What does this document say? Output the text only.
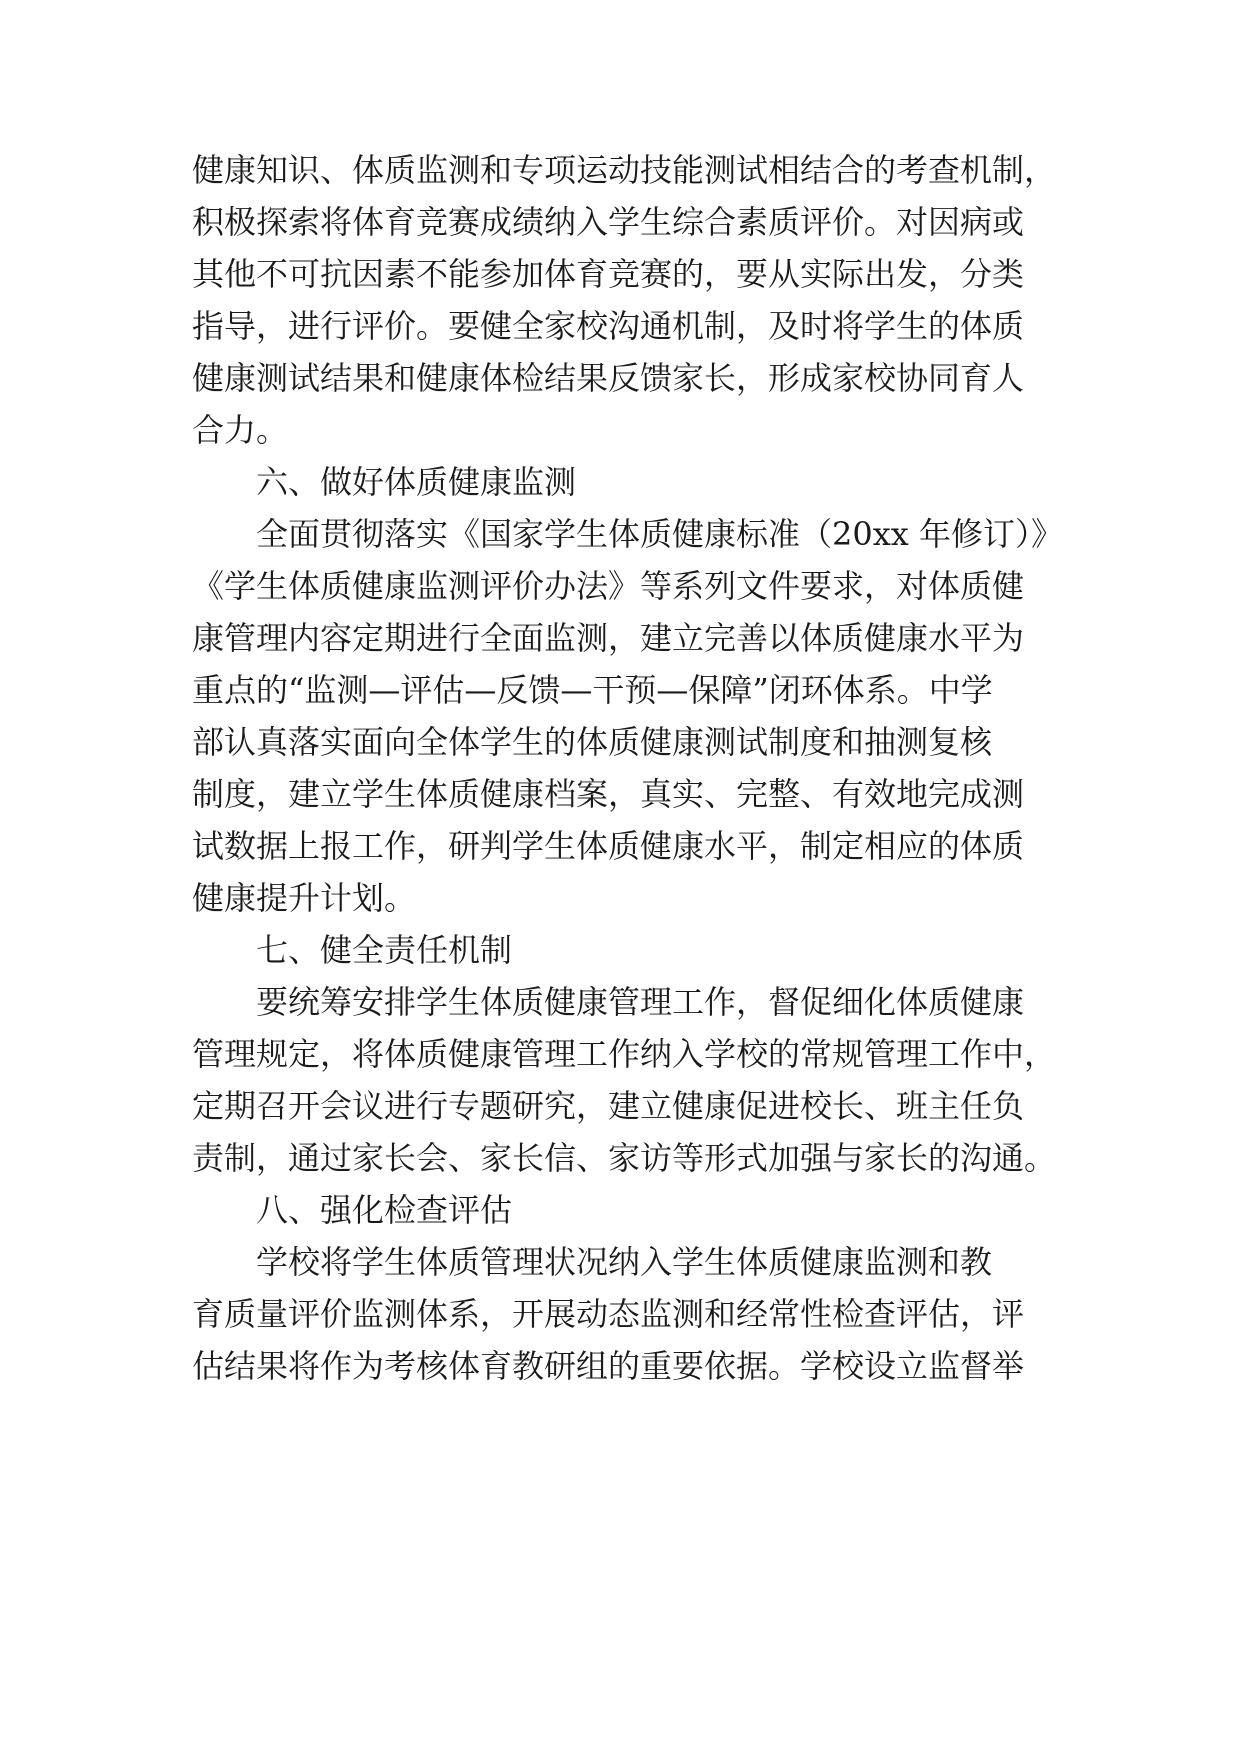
健康知识、体质监测和专项运动技能测试相结合的考查机制，
积极探索将体育竞赛成绩纳入学生综合素质评价。对因病或
其他不可抗因素不能参加体育竞赛的，要从实际出发，分类
指导，进行评价。要健全家校沟通机制，及时将学生的体质
健康测试结果和健康体检结果反馈家长，形成家校协同育人
合力。
六、做好体质健康监测
全面贯彻落实《国家学生体质健康标准（20xx 年修订）》
《学生体质健康监测评价办法》等系列文件要求，对体质健
康管理内容定期进行全面监测，建立完善以体质健康水平为
重点的“监测—评估—反馈—干预—保障”闭环体系。中学
部认真落实面向全体学生的体质健康测试制度和抽测复核
制度，建立学生体质健康档案，真实、完整、有效地完成测
试数据上报工作，研判学生体质健康水平，制定相应的体质
健康提升计划。
七、健全责任机制
要统筹安排学生体质健康管理工作，督促细化体质健康
管理规定，将体质健康管理工作纳入学校的常规管理工作中，
定期召开会议进行专题研究，建立健康促进校长、班主任负
责制，通过家长会、家长信、家访等形式加强与家长的沟通。
八、强化检查评估
学校将学生体质管理状况纳入学生体质健康监测和教
育质量评价监测体系，开展动态监测和经常性检查评估，评
估结果将作为考核体育教研组的重要依据。学校设立监督举
